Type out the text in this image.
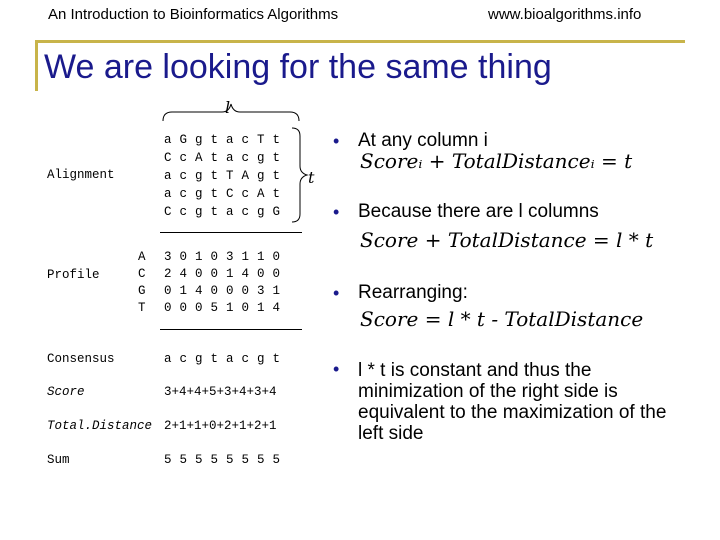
An Introduction to Bioinformatics Algorithms	www.bioalgorithms.info
We are looking for the same thing
l
t
Alignment
a G g t a c T t
C c A t a c g t
a c g t T A g t
a c g t C c A t
C c g t a c g G
Profile
A 3 0 1 0 3 1 1 0
C 2 4 0 0 1 4 0 0
G 0 1 4 0 0 0 3 1
T 0 0 0 5 1 0 1 4
Consensus	a c g t a c g t
Score	3+4+4+5+3+4+3+4
Total.Distance 2+1+1+0+2+1+2+1
Sum	5 5 5 5 5 5 5 5
• At any column i
Scoreᵢ + TotalDistanceᵢ = t
• Because there are l columns
Score + TotalDistance = l * t
• Rearranging:
Score = l * t - TotalDistance
• l * t is constant and thus the minimization of the right side is equivalent to the maximization of the left side
